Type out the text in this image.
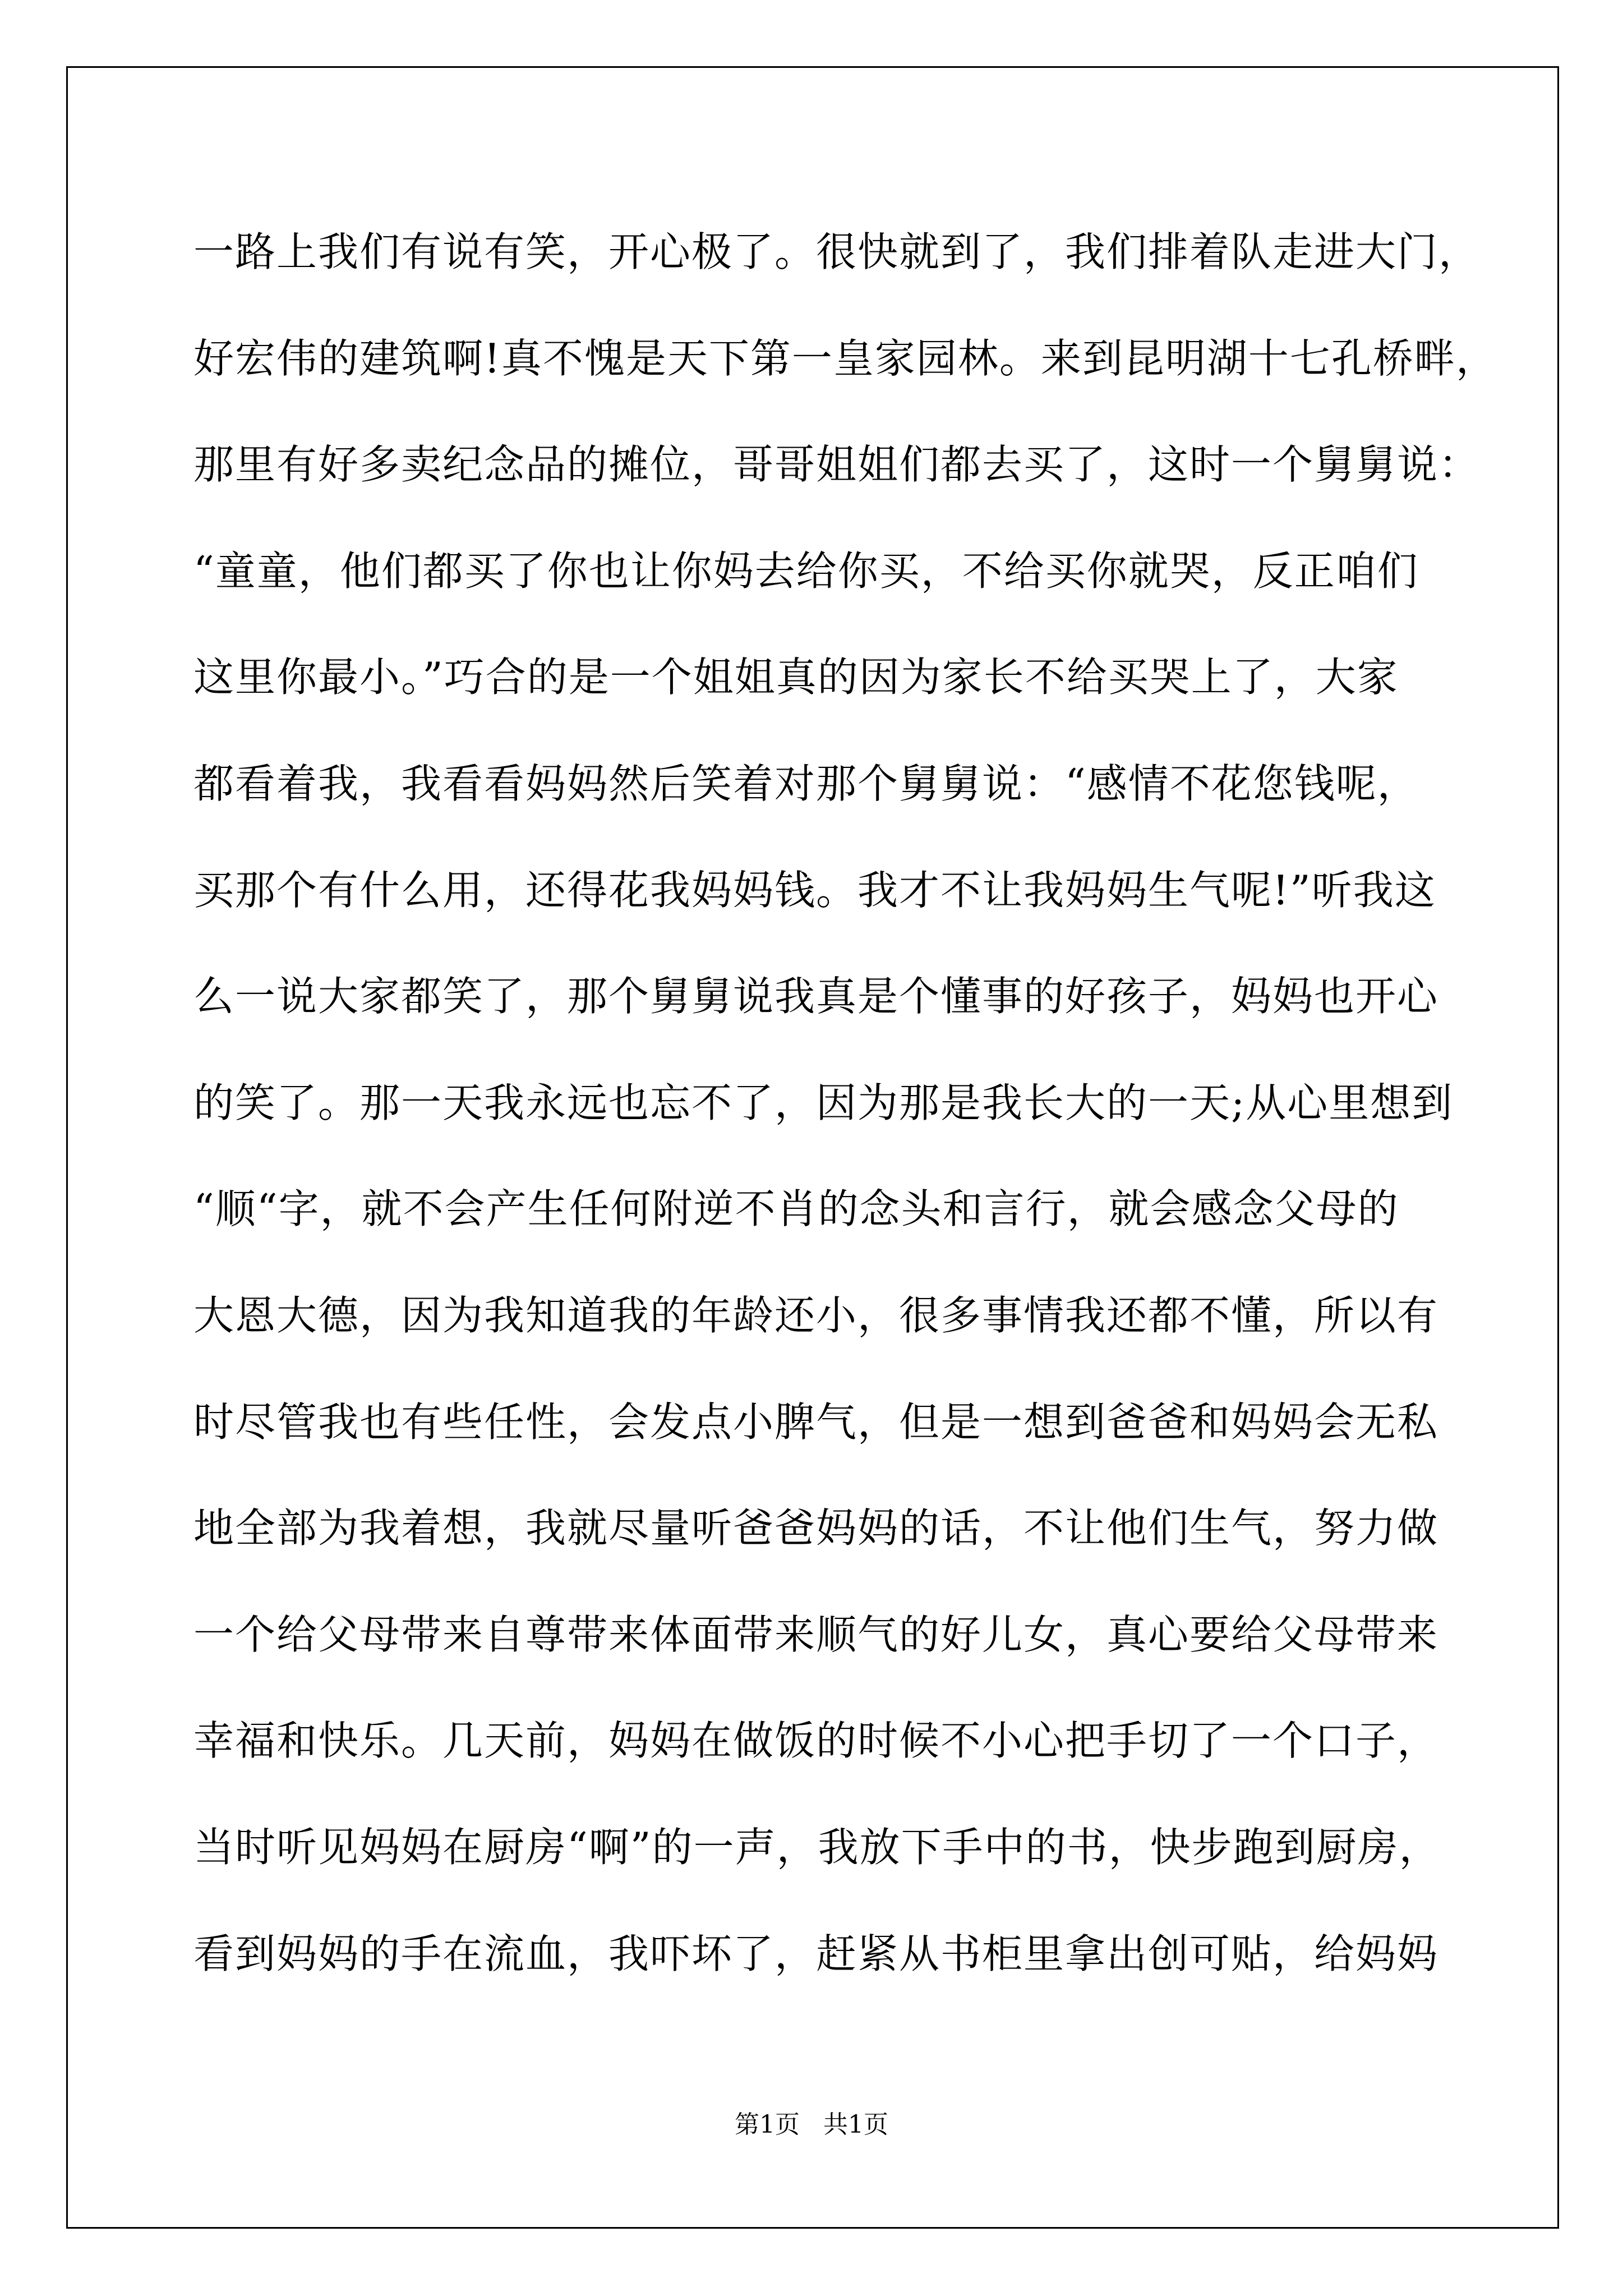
一路上我们有说有笑，开心极了。很快就到了，我们排着队走进大门，
好宏伟的建筑啊!真不愧是天下第一皇家园林。来到昆明湖十七孔桥畔，
那里有好多卖纪念品的摊位，哥哥姐姐们都去买了，这时一个舅舅说：
“童童，他们都买了你也让你妈去给你买，不给买你就哭，反正咱们
这里你最小。”巧合的是一个姐姐真的因为家长不给买哭上了，大家
都看着我，我看看妈妈然后笑着对那个舅舅说：“感情不花您钱呢，
买那个有什么用，还得花我妈妈钱。我才不让我妈妈生气呢!”听我这
么一说大家都笑了，那个舅舅说我真是个懂事的好孩子，妈妈也开心
的笑了。那一天我永远也忘不了，因为那是我长大的一天;从心里想到
“顺“字，就不会产生任何附逆不肖的念头和言行，就会感念父母的
大恩大德，因为我知道我的年龄还小，很多事情我还都不懂，所以有
时尽管我也有些任性，会发点小脾气，但是一想到爸爸和妈妈会无私
地全部为我着想，我就尽量听爸爸妈妈的话，不让他们生气，努力做
一个给父母带来自尊带来体面带来顺气的好儿女，真心要给父母带来
幸福和快乐。几天前，妈妈在做饭的时候不小心把手切了一个口子，
当时听见妈妈在厨房“啊”的一声，我放下手中的书，快步跑到厨房，
看到妈妈的手在流血，我吓坏了，赶紧从书柜里拿出创可贴，给妈妈
第1页   共1页
